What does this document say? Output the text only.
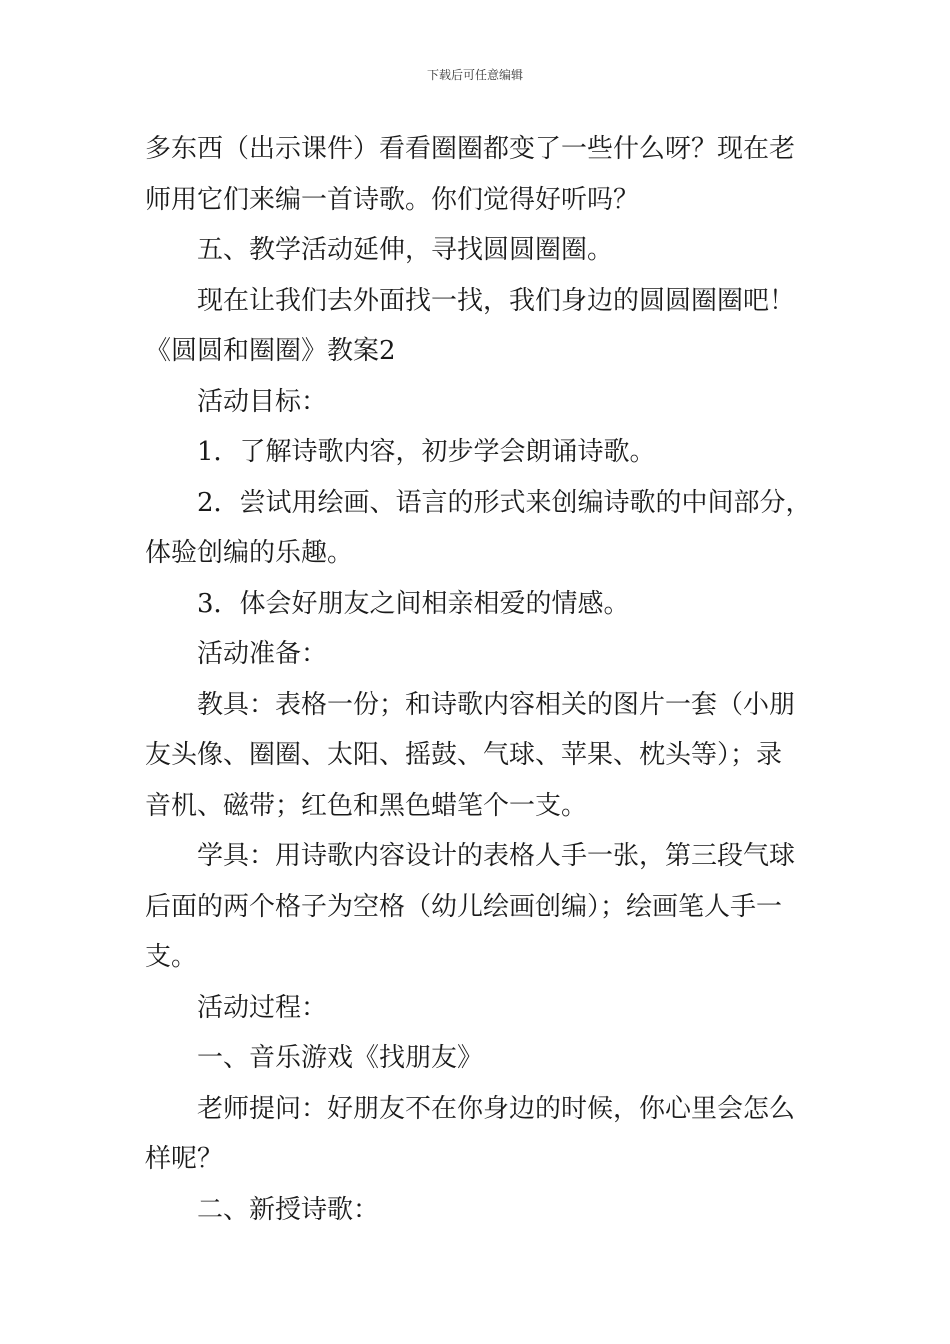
下载后可任意编辑
多东西（出示课件）看看圈圈都变了一些什么呀？现在老
师用它们来编一首诗歌。你们觉得好听吗？
五、教学活动延伸，寻找圆圆圈圈。
现在让我们去外面找一找，我们身边的圆圆圈圈吧！
《圆圆和圈圈》教案2
活动目标：
1．了解诗歌内容，初步学会朗诵诗歌。
2．尝试用绘画、语言的形式来创编诗歌的中间部分，
体验创编的乐趣。
3．体会好朋友之间相亲相爱的情感。
活动准备：
教具：表格一份；和诗歌内容相关的图片一套（小朋
友头像、圈圈、太阳、摇鼓、气球、苹果、枕头等）；录
音机、磁带；红色和黑色蜡笔个一支。
学具：用诗歌内容设计的表格人手一张，第三段气球
后面的两个格子为空格（幼儿绘画创编）；绘画笔人手一
支。
活动过程：
一、音乐游戏《找朋友》
老师提问：好朋友不在你身边的时候，你心里会怎么
样呢？
二、新授诗歌：
